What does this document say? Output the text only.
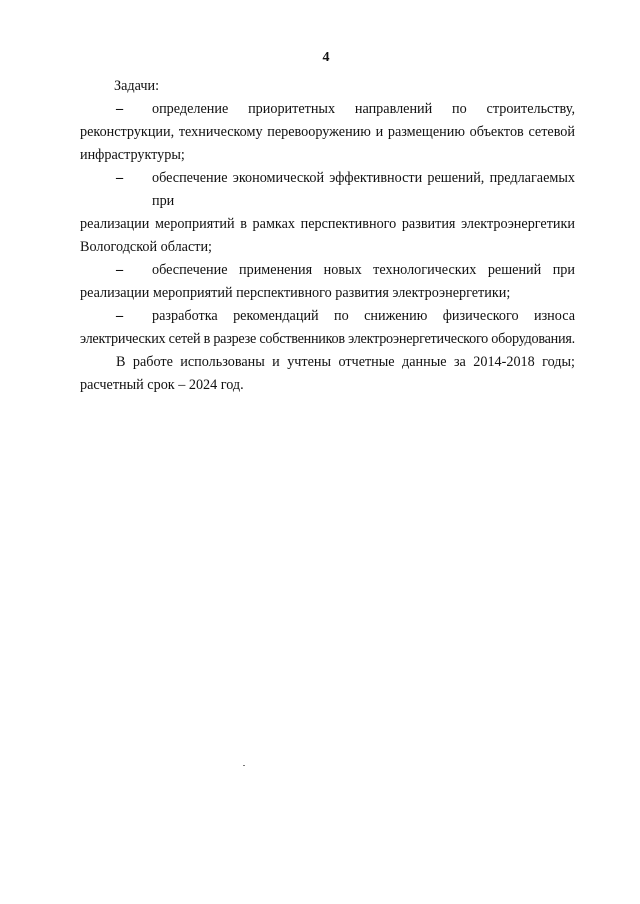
4

Задачи:

–	определение приоритетных направлений по строительству,
реконструкции, техническому перевооружению и размещению объектов сетевой
инфраструктуры;
–	обеспечение экономической эффективности решений, предлагаемых при
реализации мероприятий в рамках перспективного развития электроэнергетики
Вологодской области;
–	обеспечение применения новых технологических решений при
реализации мероприятий перспективного развития электроэнергетики;
–	разработка рекомендаций по снижению физического износа
электрических сетей в разрезе собственников электроэнергетического оборудования.
В работе использованы и учтены отчетные данные за 2014-2018 годы;
расчетный срок – 2024 год.
